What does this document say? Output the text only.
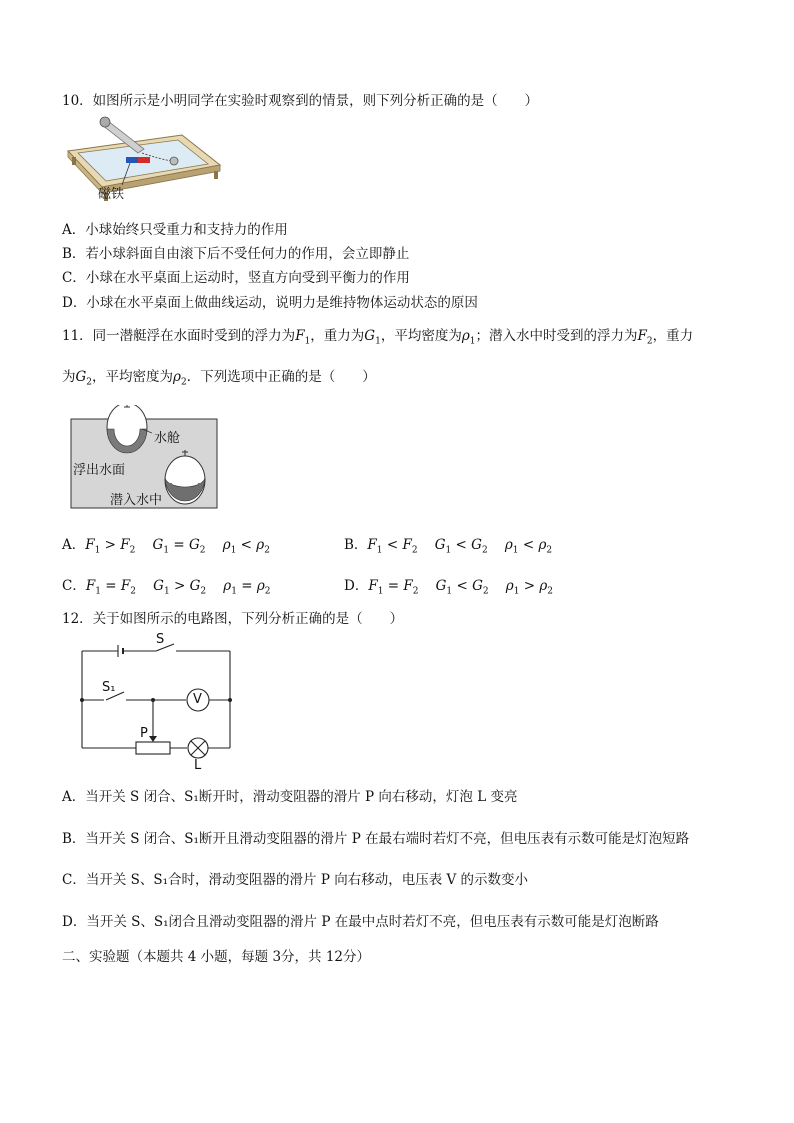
10．如图所示是小明同学在实验时观察到的情景，则下列分析正确的是（　　）
磁铁
A．小球始终只受重力和支持力的作用
B．若小球斜面自由滚下后不受任何力的作用，会立即静止
C．小球在水平桌面上运动时，竖直方向受到平衡力的作用
D．小球在水平桌面上做曲线运动，说明力是维持物体运动状态的原因
11．同一潜艇浮在水面时受到的浮力为$F_1$，重力为$G_1$，平均密度为$\rho_1$；潜入水中时受到的浮力为$F_2$，重力
为$G_2$，平均密度为$\rho_2$．下列选项中正确的是（　　）
水舱
浮出水面
潜入水中
A．$F_1 > F_2$ $G_1 = G_2$ $\rho_1 < \rho_2$	B．$F_1 < F_2$ $G_1 < G_2$ $\rho_1 < \rho_2$
C．$F_1 = F_2$ $G_1 > G_2$ $\rho_1 = \rho_2$	D．$F_1 = F_2$ $G_1 < G_2$ $\rho_1 > \rho_2$
12．关于如图所示的电路图，下列分析正确的是（　　）
S
S₁
V
P
L
A．当开关 S 闭合、S₁断开时，滑动变阻器的滑片 P 向右移动，灯泡 L 变亮
B．当开关 S 闭合、S₁断开且滑动变阻器的滑片 P 在最右端时若灯不亮，但电压表有示数可能是灯泡短路
C．当开关 S、S₁合时，滑动变阻器的滑片 P 向右移动，电压表 V 的示数变小
D．当开关 S、S₁闭合且滑动变阻器的滑片 P 在最中点时若灯不亮，但电压表有示数可能是灯泡断路
二、实验题（本题共 4 小题，每题 3分，共 12分）
